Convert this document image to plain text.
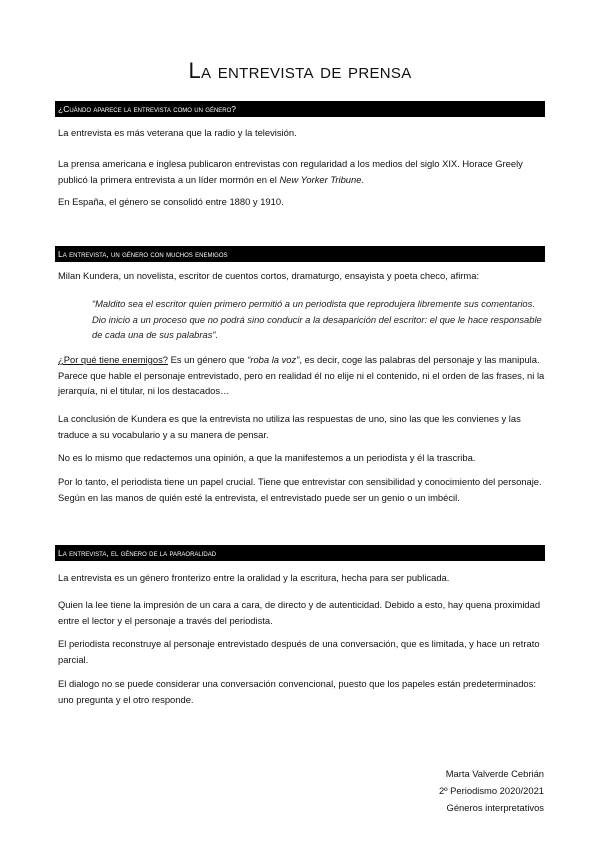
La entrevista de prensa
¿Cuándo aparece la entrevista como un género?
La entrevista es más veterana que la radio y la televisión.
La prensa americana e inglesa publicaron entrevistas con regularidad a los medios del siglo XIX. Horace Greely publicó la primera entrevista a un líder mormón en el New Yorker Tribune.
En España, el género se consolidó entre 1880 y 1910.
La entrevista, un género con muchos enemigos
Milan Kundera, un novelista, escritor de cuentos cortos, dramaturgo, ensayista y poeta checo, afirma:
“Maldito sea el escritor quien primero permitió a un periodista que reprodujera libremente sus comentarios. Dio inicio a un proceso que no podrá sino conducir a la desaparición del escritor: el que le hace responsable de cada una de sus palabras”.
¿Por qué tiene enemigos? Es un género que “roba la voz”, es decir, coge las palabras del personaje y las manipula. Parece que hable el personaje entrevistado, pero en realidad él no elije ni el contenido, ni el orden de las frases, ni la jerarquía, ni el titular, ni los destacados…
La conclusión de Kundera es que la entrevista no utiliza las respuestas de uno, sino las que les convienes y las traduce a su vocabulario y a su manera de pensar.
No es lo mismo que redactemos una opinión, a que la manifestemos a un periodista y él la trascriba.
Por lo tanto, el periodista tiene un papel crucial. Tiene que entrevistar con sensibilidad y conocimiento del personaje. Según en las manos de quién esté la entrevista, el entrevistado puede ser un genio o un imbécil.
La entrevista, el género de la paraoralidad
La entrevista es un género fronterizo entre la oralidad y la escritura, hecha para ser publicada.
Quien la lee tiene la impresión de un cara a cara, de directo y de autenticidad. Debido a esto, hay quena proximidad entre el lector y el personaje a través del periodista.
El periodista reconstruye al personaje entrevistado después de una conversación, que es limitada, y hace un retrato parcial.
El dialogo no se puede considerar una conversación convencional, puesto que los papeles están predeterminados: uno pregunta y el otro responde.
Marta Valverde Cebrián
2º Periodismo 2020/2021
Géneros interpretativos
